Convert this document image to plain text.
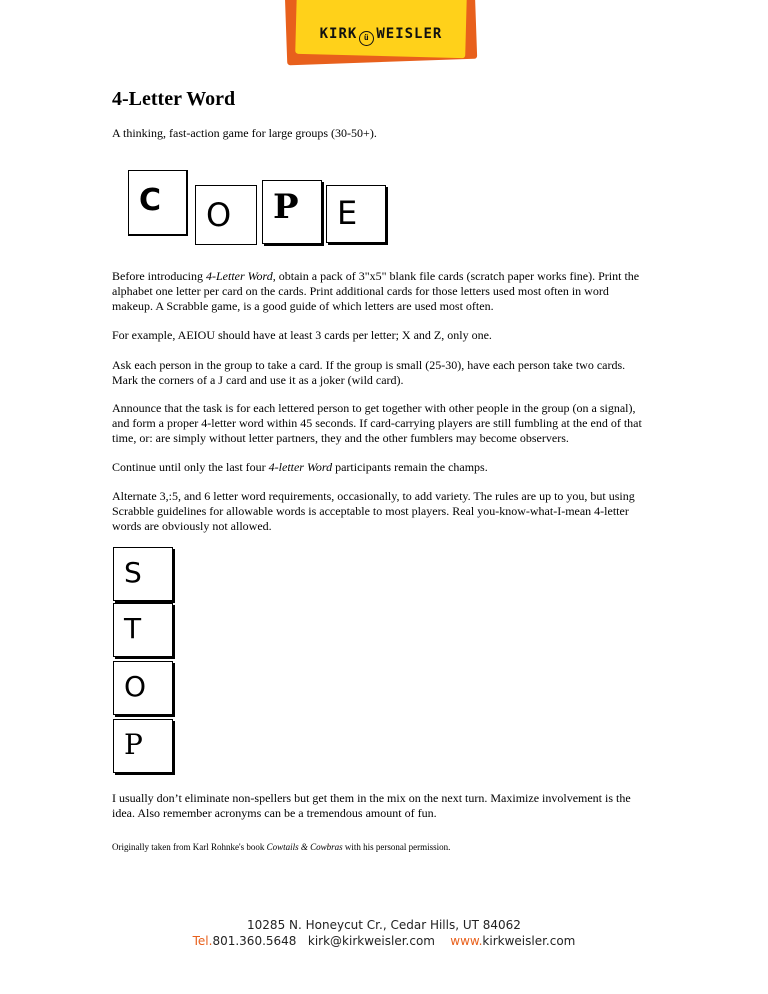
KIRK ü WEISLER
4-Letter Word

A thinking, fast-action game for large groups (30-50+).

C	O	P	E

Before introducing 4-Letter Word, obtain a pack of 3"x5" blank file cards (scratch paper works fine). Print the alphabet one letter per card on the cards. Print additional cards for those letters used most often in word makeup. A Scrabble game, is a good guide of which letters are used most often.

For example, AEIOU should have at least 3 cards per letter; X and Z, only one.

Ask each person in the group to take a card. If the group is small (25-30), have each person take two cards. Mark the corners of a J card and use it as a joker (wild card).

Announce that the task is for each lettered person to get together with other people in the group (on a signal), and form a proper 4-letter word within 45 seconds. If card-carrying players are still fumbling at the end of that time, or: are simply without letter partners, they and the other fumblers may become observers.

Continue until only the last four 4-letter Word participants remain the champs.

Alternate 3,:5, and 6 letter word requirements, occasionally, to add variety. The rules are up to you, but using Scrabble guidelines for allowable words is acceptable to most players. Real you-know-what-I-mean 4-letter words are obviously not allowed.

S
T
O
P

I usually don’t eliminate non-spellers but get them in the mix on the next turn. Maximize involvement is the idea. Also remember acronyms can be a tremendous amount of fun.

Originally taken from Karl Rohnke's book Cowtails & Cowbras with his personal permission.

10285 N. Honeycut Cr., Cedar Hills, UT 84062
Tel.801.360.5648 kirk@kirkweisler.com www.kirkweisler.com
